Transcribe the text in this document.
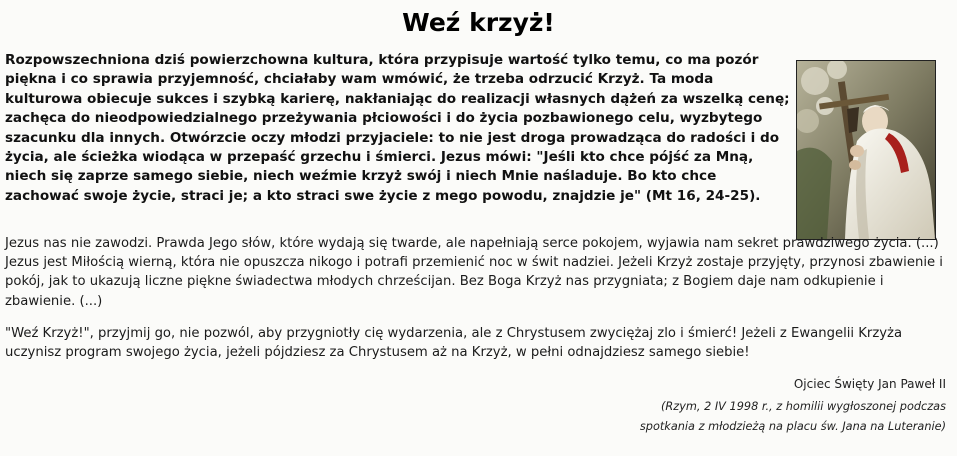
Weź krzyż!

Rozpowszechniona dziś powierzchowna kultura, która przypisuje wartość tylko temu, co ma pozór piękna i co sprawia przyjemność, chciałaby wam wmówić, że trzeba odrzucić Krzyż. Ta moda kulturowa obiecuje sukces i szybką karierę, nakłaniając do realizacji własnych dążeń za wszelką cenę; zachęca do nieodpowiedzialnego przeżywania płciowości i do życia pozbawionego celu, wyzbytego szacunku dla innych. Otwórzcie oczy młodzi przyjaciele: to nie jest droga prowadząca do radości i do życia, ale ścieżka wiodąca w przepaść grzechu i śmierci. Jezus mówi: "Jeśli kto chce pójść za Mną, niech się zaprze samego siebie, niech weźmie krzyż swój i niech Mnie naśladuje. Bo kto chce zachować swoje życie, straci je; a kto straci swe życie z mego powodu, znajdzie je" (Mt 16, 24-25).

Jezus nas nie zawodzi. Prawda Jego słów, które wydają się twarde, ale napełniają serce pokojem, wyjawia nam sekret prawdziwego życia. (...) Jezus jest Miłością wierną, która nie opuszcza nikogo i potrafi przemienić noc w świt nadziei. Jeżeli Krzyż zostaje przyjęty, przynosi zbawienie i pokój, jak to ukazują liczne piękne świadectwa młodych chrześcijan. Bez Boga Krzyż nas przygniata; z Bogiem daje nam odkupienie i zbawienie. (...)

"Weź Krzyż!", przyjmij go, nie pozwól, aby przygniotły cię wydarzenia, ale z Chrystusem zwyciężaj zlo i śmierć! Jeżeli z Ewangelii Krzyża uczynisz program swojego życia, jeżeli pójdziesz za Chrystusem aż na Krzyż, w pełni odnajdziesz samego siebie!

Ojciec Święty Jan Paweł II
(Rzym, 2 IV 1998 r., z homilii wygłoszonej podczas
spotkania z młodzieżą na placu św. Jana na Luteranie)
